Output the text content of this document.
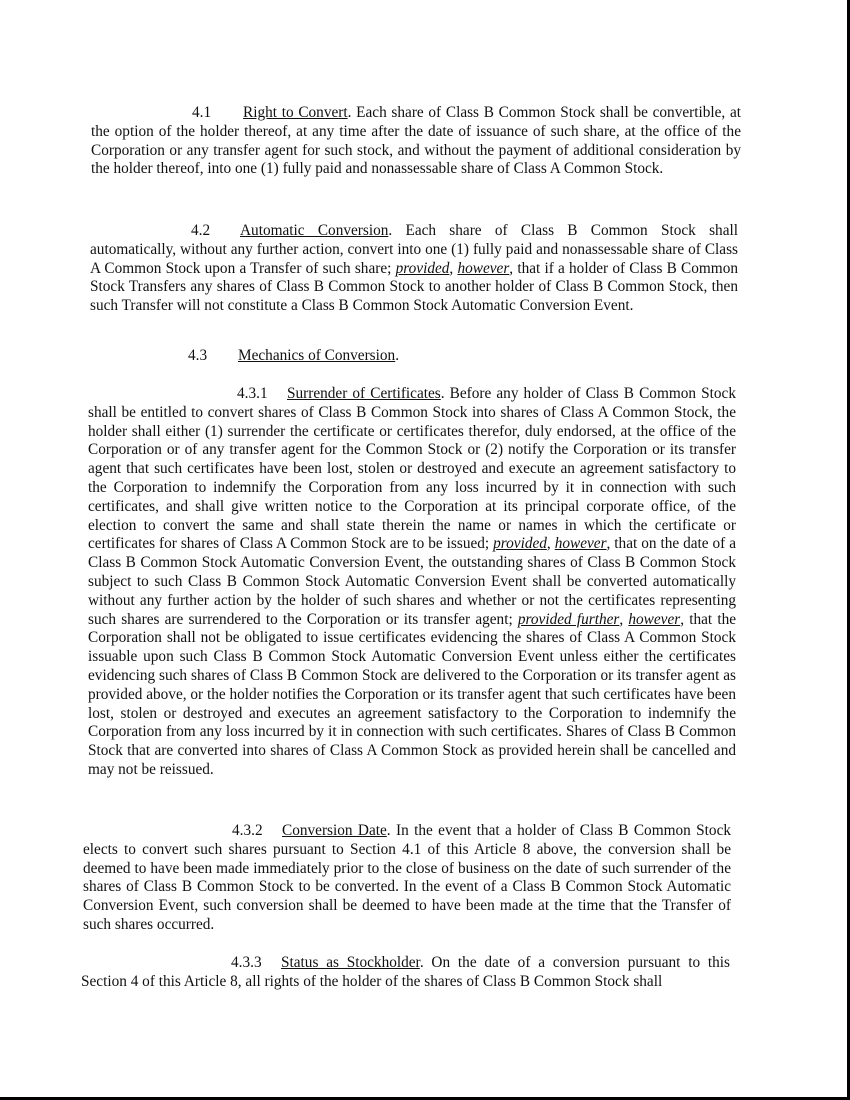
4.1 Right to Convert. Each share of Class B Common Stock shall be convertible, at the option of the holder thereof, at any time after the date of issuance of such share, at the office of the Corporation or any transfer agent for such stock, and without the payment of additional consideration by the holder thereof, into one (1) fully paid and nonassessable share of Class A Common Stock.

4.2 Automatic Conversion. Each share of Class B Common Stock shall automatically, without any further action, convert into one (1) fully paid and nonassessable share of Class A Common Stock upon a Transfer of such share; provided, however, that if a holder of Class B Common Stock Transfers any shares of Class B Common Stock to another holder of Class B Common Stock, then such Transfer will not constitute a Class B Common Stock Automatic Conversion Event.

4.3 Mechanics of Conversion.

4.3.1 Surrender of Certificates. Before any holder of Class B Common Stock shall be entitled to convert shares of Class B Common Stock into shares of Class A Common Stock, the holder shall either (1) surrender the certificate or certificates therefor, duly endorsed, at the office of the Corporation or of any transfer agent for the Common Stock or (2) notify the Corporation or its transfer agent that such certificates have been lost, stolen or destroyed and execute an agreement satisfactory to the Corporation to indemnify the Corporation from any loss incurred by it in connection with such certificates, and shall give written notice to the Corporation at its principal corporate office, of the election to convert the same and shall state therein the name or names in which the certificate or certificates for shares of Class A Common Stock are to be issued; provided, however, that on the date of a Class B Common Stock Automatic Conversion Event, the outstanding shares of Class B Common Stock subject to such Class B Common Stock Automatic Conversion Event shall be converted automatically without any further action by the holder of such shares and whether or not the certificates representing such shares are surrendered to the Corporation or its transfer agent; provided further, however, that the Corporation shall not be obligated to issue certificates evidencing the shares of Class A Common Stock issuable upon such Class B Common Stock Automatic Conversion Event unless either the certificates evidencing such shares of Class B Common Stock are delivered to the Corporation or its transfer agent as provided above, or the holder notifies the Corporation or its transfer agent that such certificates have been lost, stolen or destroyed and executes an agreement satisfactory to the Corporation to indemnify the Corporation from any loss incurred by it in connection with such certificates. Shares of Class B Common Stock that are converted into shares of Class A Common Stock as provided herein shall be cancelled and may not be reissued.

4.3.2 Conversion Date. In the event that a holder of Class B Common Stock elects to convert such shares pursuant to Section 4.1 of this Article 8 above, the conversion shall be deemed to have been made immediately prior to the close of business on the date of such surrender of the shares of Class B Common Stock to be converted. In the event of a Class B Common Stock Automatic Conversion Event, such conversion shall be deemed to have been made at the time that the Transfer of such shares occurred.

4.3.3 Status as Stockholder. On the date of a conversion pursuant to this Section 4 of this Article 8, all rights of the holder of the shares of Class B Common Stock shall
